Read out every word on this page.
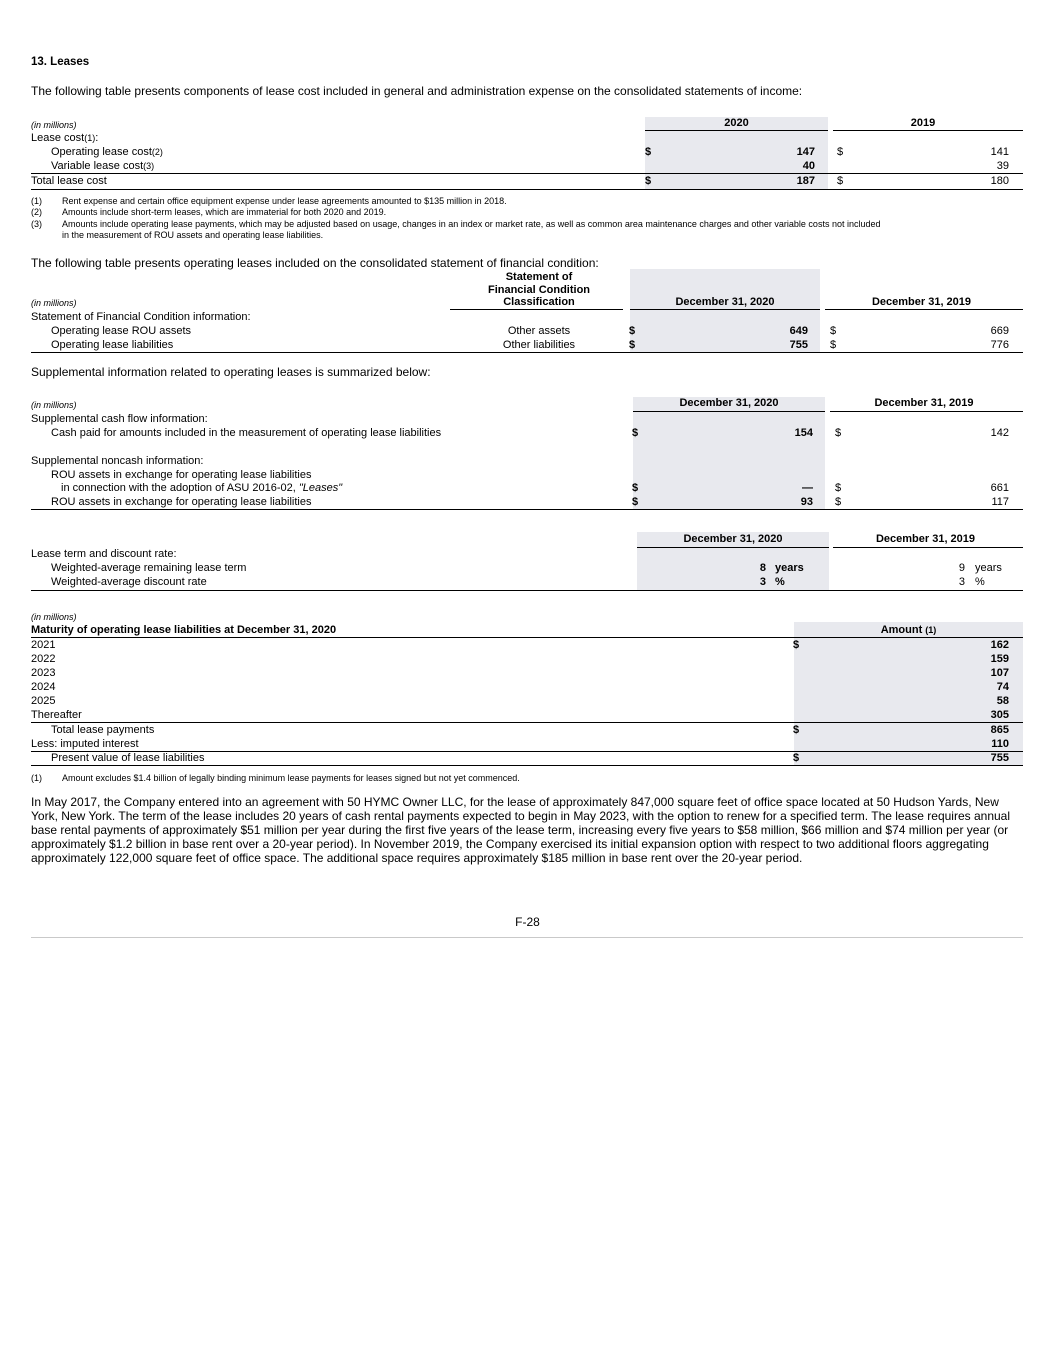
13. Leases
The following table presents components of lease cost included in general and administration expense on the consolidated statements of income:
(in millions)	2020	2019
Lease cost(1):
Operating lease cost(2)	$	147 $	141
Variable lease cost(3)	40	39
Total lease cost	$	187 $	180
(1) Rent expense and certain office equipment expense under lease agreements amounted to $135 million in 2018.
(2) Amounts include short-term leases, which are immaterial for both 2020 and 2019.
(3) Amounts include operating lease payments, which may be adjusted based on usage, changes in an index or market rate, as well as common area maintenance charges and other variable costs not included
in the measurement of ROU assets and operating lease liabilities.
The following table presents operating leases included on the consolidated statement of financial condition:
Statement of
Financial Condition
Classification
(in millions)	December 31, 2020	December 31, 2019
Statement of Financial Condition information:
Operating lease ROU assets	Other assets	$	649 $	669
Operating lease liabilities	Other liabilities	$	755 $	776
Supplemental information related to operating leases is summarized below:
(in millions)	December 31, 2020	December 31, 2019
Supplemental cash flow information:
Cash paid for amounts included in the measurement of operating lease liabilities	$	154 $	142
Supplemental noncash information:
ROU assets in exchange for operating lease liabilities
in connection with the adoption of ASU 2016-02, "Leases"	$	— $	661
ROU assets in exchange for operating lease liabilities	$	93 $	117
December 31, 2020	December 31, 2019
Lease term and discount rate:
Weighted-average remaining lease term	8 years	9 years
Weighted-average discount rate	3 %	3 %
(in millions)
Maturity of operating lease liabilities at December 31, 2020	Amount (1)
2021	$	162
2022	159
2023	107
2024	74
2025	58
Thereafter	305
Total lease payments	$	865
Less: imputed interest	110
Present value of lease liabilities	$	755
(1) Amount excludes $1.4 billion of legally binding minimum lease payments for leases signed but not yet commenced.
In May 2017, the Company entered into an agreement with 50 HYMC Owner LLC, for the lease of approximately 847,000 square feet of office space located at 50 Hudson Yards, New York, New York. The term of the lease includes 20 years of cash rental payments expected to begin in May 2023, with the option to renew for a specified term. The lease requires annual base rental payments of approximately $51 million per year during the first five years of the lease term, increasing every five years to $58 million, $66 million and $74 million per year (or approximately $1.2 billion in base rent over a 20-year period). In November 2019, the Company exercised its initial expansion option with respect to two additional floors aggregating approximately 122,000 square feet of office space. The additional space requires approximately $185 million in base rent over the 20-year period.
F-28
